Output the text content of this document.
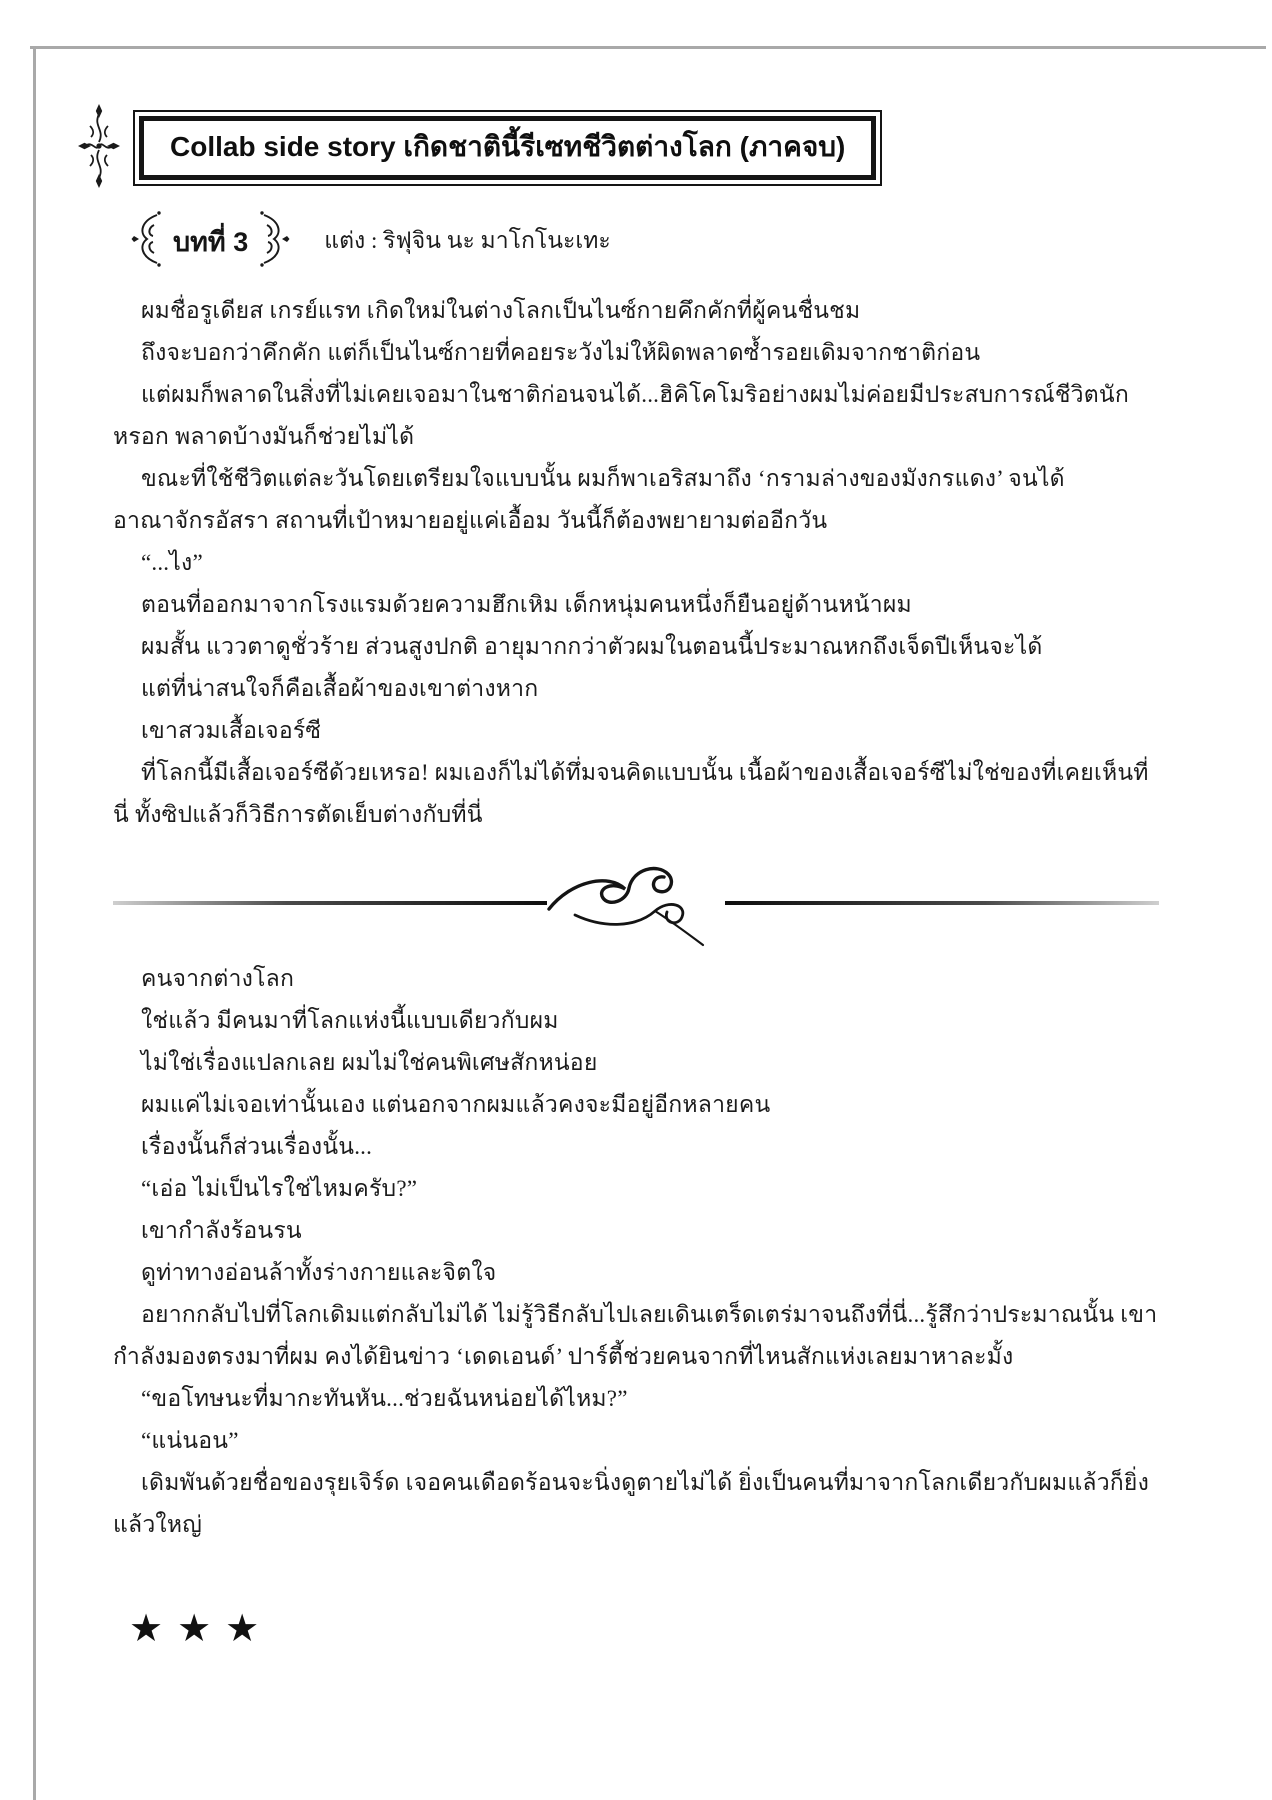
Collab side story เกิดชาตินี้รีเซทชีวิตต่างโลก (ภาคจบ)
บทที่ 3	แต่ง : ริฟุจิน นะ มาโกโนะเทะ

ผมชื่อรูเดียส เกรย์แรท เกิดใหม่ในต่างโลกเป็นไนซ์กายคึกคักที่ผู้คนชื่นชม

ถึงจะบอกว่าคึกคัก แต่ก็เป็นไนซ์กายที่คอยระวังไม่ให้ผิดพลาดซ้ำรอยเดิมจากชาติก่อน

แต่ผมก็พลาดในสิ่งที่ไม่เคยเจอมาในชาติก่อนจนได้...ฮิคิโคโมริอย่างผมไม่ค่อยมีประสบการณ์ชีวิตนักหรอก พลาดบ้างมันก็ช่วยไม่ได้

ขณะที่ใช้ชีวิตแต่ละวันโดยเตรียมใจแบบนั้น ผมก็พาเอริสมาถึง ‘กรามล่างของมังกรแดง’ จนได้ อาณาจักรอัสรา สถานที่เป้าหมายอยู่แค่เอื้อม วันนี้ก็ต้องพยายามต่ออีกวัน

“...ไง”

ตอนที่ออกมาจากโรงแรมด้วยความฮึกเหิม เด็กหนุ่มคนหนึ่งก็ยืนอยู่ด้านหน้าผม

ผมสั้น แววตาดูชั่วร้าย ส่วนสูงปกติ อายุมากกว่าตัวผมในตอนนี้ประมาณหกถึงเจ็ดปีเห็นจะได้

แต่ที่น่าสนใจก็คือเสื้อผ้าของเขาต่างหาก

เขาสวมเสื้อเจอร์ซี

ที่โลกนี้มีเสื้อเจอร์ซีด้วยเหรอ! ผมเองก็ไม่ได้ทึ่มจนคิดแบบนั้น เนื้อผ้าของเสื้อเจอร์ซีไม่ใช่ของที่เคยเห็นที่นี่ ทั้งซิปแล้วก็วิธีการตัดเย็บต่างกับที่นี่

คนจากต่างโลก

ใช่แล้ว มีคนมาที่โลกแห่งนี้แบบเดียวกับผม

ไม่ใช่เรื่องแปลกเลย ผมไม่ใช่คนพิเศษสักหน่อย

ผมแค่ไม่เจอเท่านั้นเอง แต่นอกจากผมแล้วคงจะมีอยู่อีกหลายคน

เรื่องนั้นก็ส่วนเรื่องนั้น...

“เอ่อ ไม่เป็นไรใช่ไหมครับ?”

เขากำลังร้อนรน

ดูท่าทางอ่อนล้าทั้งร่างกายและจิตใจ

อยากกลับไปที่โลกเดิมแต่กลับไม่ได้ ไม่รู้วิธีกลับไปเลยเดินเตร็ดเตร่มาจนถึงที่นี่...รู้สึกว่าประมาณนั้น เขากำลังมองตรงมาที่ผม คงได้ยินข่าว ‘เดดเอนด์’ ปาร์ตี้ช่วยคนจากที่ไหนสักแห่งเลยมาหาละมั้ง

“ขอโทษนะที่มากะทันหัน...ช่วยฉันหน่อยได้ไหม?”

“แน่นอน”

เดิมพันด้วยชื่อของรุยเจิร์ด เจอคนเดือดร้อนจะนิ่งดูตายไม่ได้ ยิ่งเป็นคนที่มาจากโลกเดียวกับผมแล้วก็ยิ่งแล้วใหญ่

★★★
